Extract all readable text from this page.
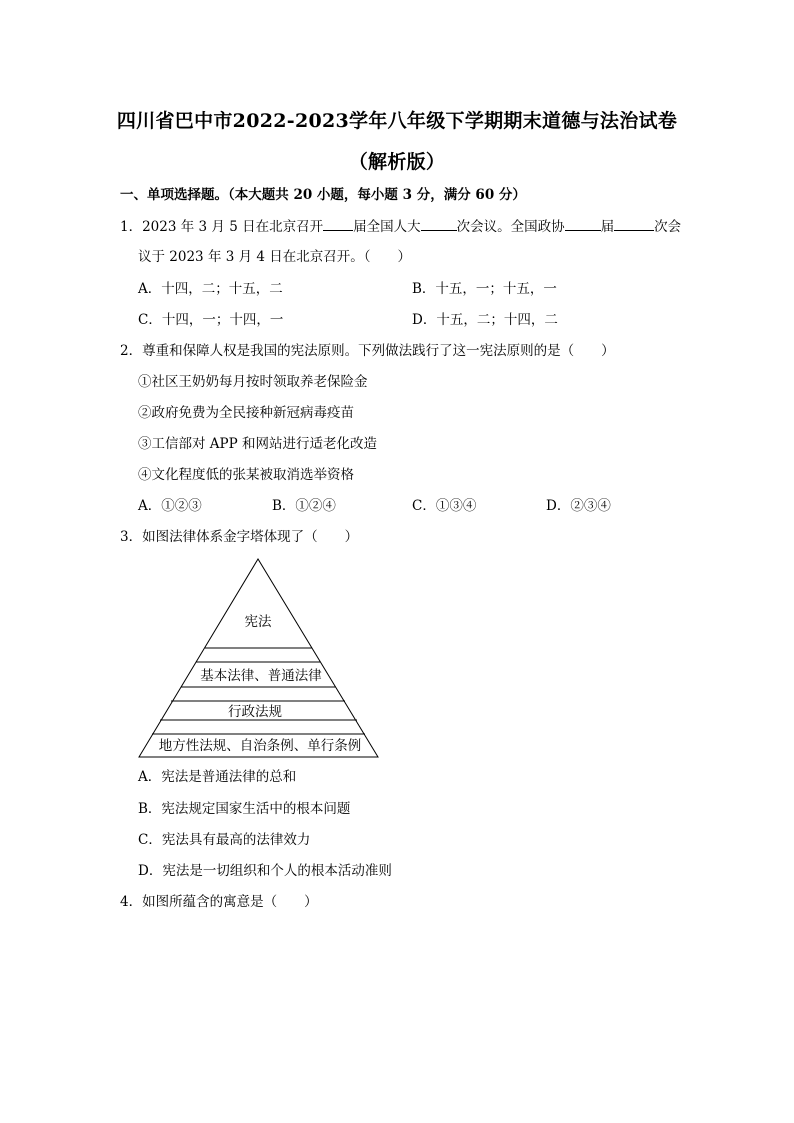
四川省巴中市2022-2023学年八年级下学期期末道德与法治试卷
（解析版）
一、单项选择题。（本大题共 20 小题，每小题 3 分，满分 60 分）
1．2023 年 3 月 5 日在北京召开 届全国人大	次会议。全国政协	届	次会
议于 2023 年 3 月 4 日在北京召开。（　　）
A．十四，二；十五，二	B．十五，一；十五，一
C．十四，一；十四，一	D．十五，二；十四，二
2．尊重和保障人权是我国的宪法原则。下列做法践行了这一宪法原则的是（　　）
①社区王奶奶每月按时领取养老保险金
②政府免费为全民接种新冠病毒疫苗
③工信部对 APP 和网站进行适老化改造
④文化程度低的张某被取消选举资格
A．①②③	B．①②④	C．①③④	D．②③④
3．如图法律体系金字塔体现了（　　）
宪法
基本法律、普通法律
行政法规
地方性法规、自治条例、单行条例
A．宪法是普通法律的总和
B．宪法规定国家生活中的根本问题
C．宪法具有最高的法律效力
D．宪法是一切组织和个人的根本活动准则
4．如图所蕴含的寓意是（　　）
